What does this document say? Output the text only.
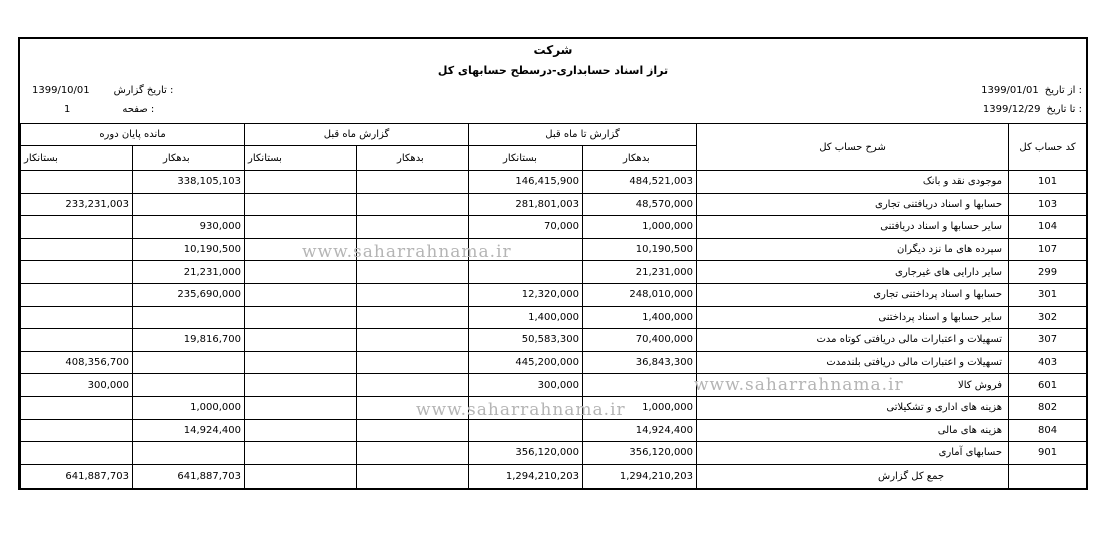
شرکت
تراز اسناد حسابداری-درسطح حسابهای کل
1399/01/01 از تاریخ :
1399/12/29 تا تاریخ :
1399/10/01 تاریخ گزارش :
1	صفحه :
مانده پایان دوره		گزارش ماه قبل		گزارش تا ماه قبل		شرح حساب کل	کد حساب کل
بستانکار	بدهکار	بستانکار	بدهکار	بستانکار	بدهکار		
	338,105,103			146,415,900	484,521,003	موجودی نقد و بانک	101
233,231,003				281,801,003	48,570,000	حسابها و اسناد دریافتنی تجاری	103
	930,000			70,000	1,000,000	سایر حسابها و اسناد دریافتنی	104
	10,190,500				10,190,500	سپرده های ما نزد دیگران	107
	21,231,000				21,231,000	سایر دارایی های غیرجاری	299
	235,690,000			12,320,000	248,010,000	حسابها و اسناد پرداختنی تجاری	301
				1,400,000	1,400,000	سایر حسابها و اسناد پرداختنی	302
	19,816,700			50,583,300	70,400,000	تسهیلات و اعتبارات مالی دریافتی کوتاه مدت	307
408,356,700				445,200,000	36,843,300	تسهیلات و اعتبارات مالی دریافتی بلندمدت	403
300,000				300,000		فروش کالا	601
	1,000,000				1,000,000	هزینه های اداری و تشکیلاتی	802
	14,924,400				14,924,400	هزینه های مالی	804
				356,120,000	356,120,000	حسابهای آماری	901
641,887,703	641,887,703			1,294,210,203	1,294,210,203	جمع کل گزارش	
www.saharrahnama.ir
www.saharrahnama.ir
www.saharrahnama.ir
